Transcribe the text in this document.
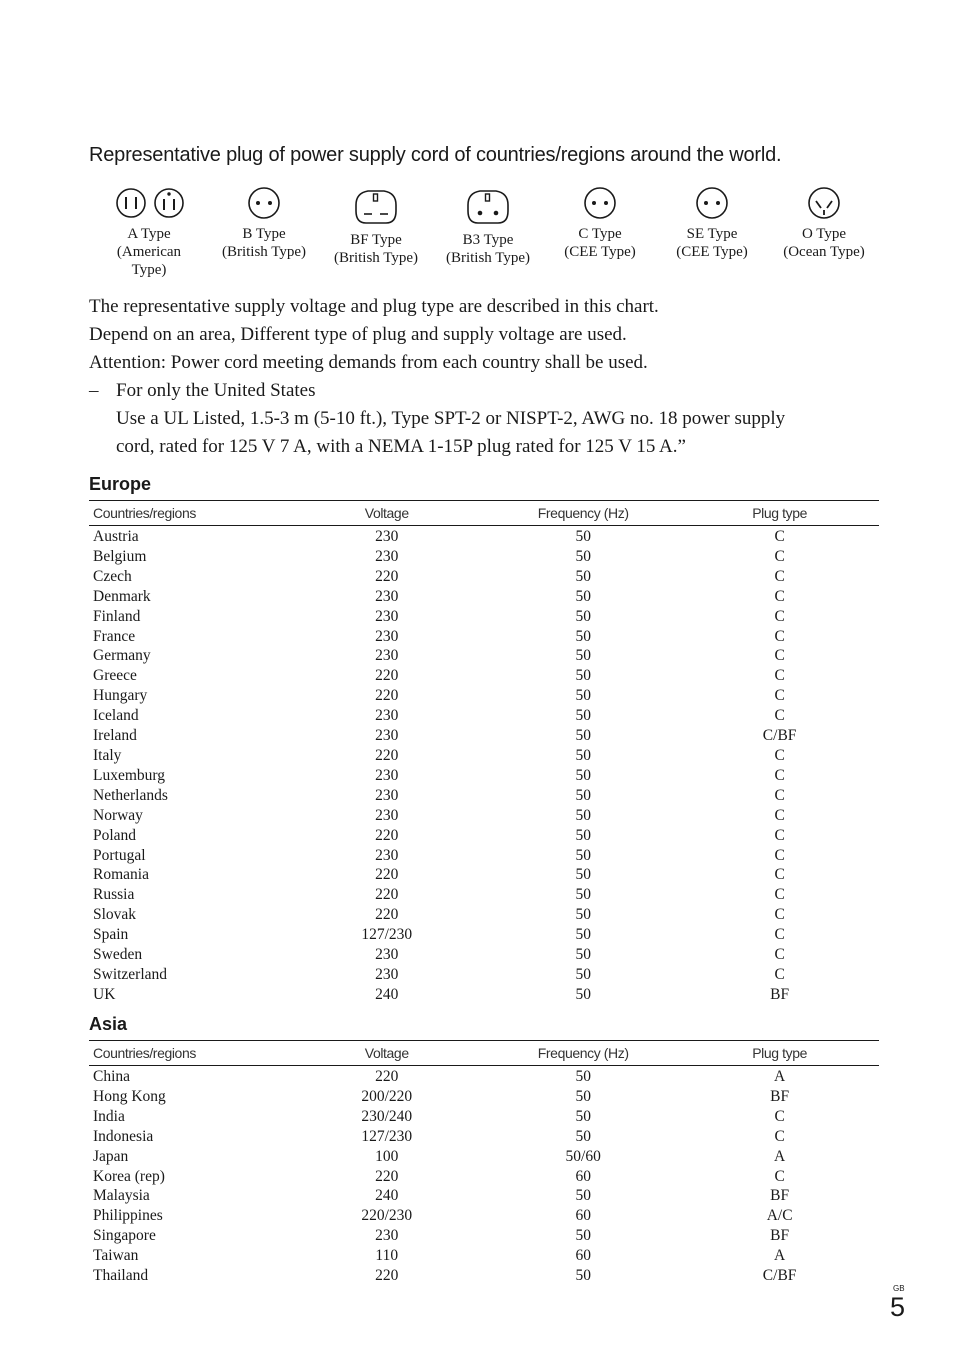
Representative plug of power supply cord of countries/regions around the world.
A Type
(American
Type)
B Type
(British Type)
BF Type
(British Type)
B3 Type
(British Type)
C Type
(CEE Type)
SE Type
(CEE Type)
O Type
(Ocean Type)
The representative supply voltage and plug type are described in this chart.
Depend on an area, Different type of plug and supply voltage are used.
Attention: Power cord meeting demands from each country shall be used.
– For only the United States
Use a UL Listed, 1.5-3 m (5-10 ft.), Type SPT-2 or NISPT-2, AWG no. 18 power supply
cord, rated for 125 V 7 A, with a NEMA 1-15P plug rated for 125 V 15 A.”
Europe
Countries/regions	Voltage	Frequency (Hz)	Plug type
Austria	230	50	C
Belgium	230	50	C
Czech	220	50	C
Denmark	230	50	C
Finland	230	50	C
France	230	50	C
Germany	230	50	C
Greece	220	50	C
Hungary	220	50	C
Iceland	230	50	C
Ireland	230	50	C/BF
Italy	220	50	C
Luxemburg	230	50	C
Netherlands	230	50	C
Norway	230	50	C
Poland	220	50	C
Portugal	230	50	C
Romania	220	50	C
Russia	220	50	C
Slovak	220	50	C
Spain	127/230	50	C
Sweden	230	50	C
Switzerland	230	50	C
UK	240	50	BF
Asia
Countries/regions	Voltage	Frequency (Hz)	Plug type
China	220	50	A
Hong Kong	200/220	50	BF
India	230/240	50	C
Indonesia	127/230	50	C
Japan	100	50/60	A
Korea (rep)	220	60	C
Malaysia	240	50	BF
Philippines	220/230	60	A/C
Singapore	230	50	BF
Taiwan	110	60	A
Thailand	220	50	C/BF
GB
5
